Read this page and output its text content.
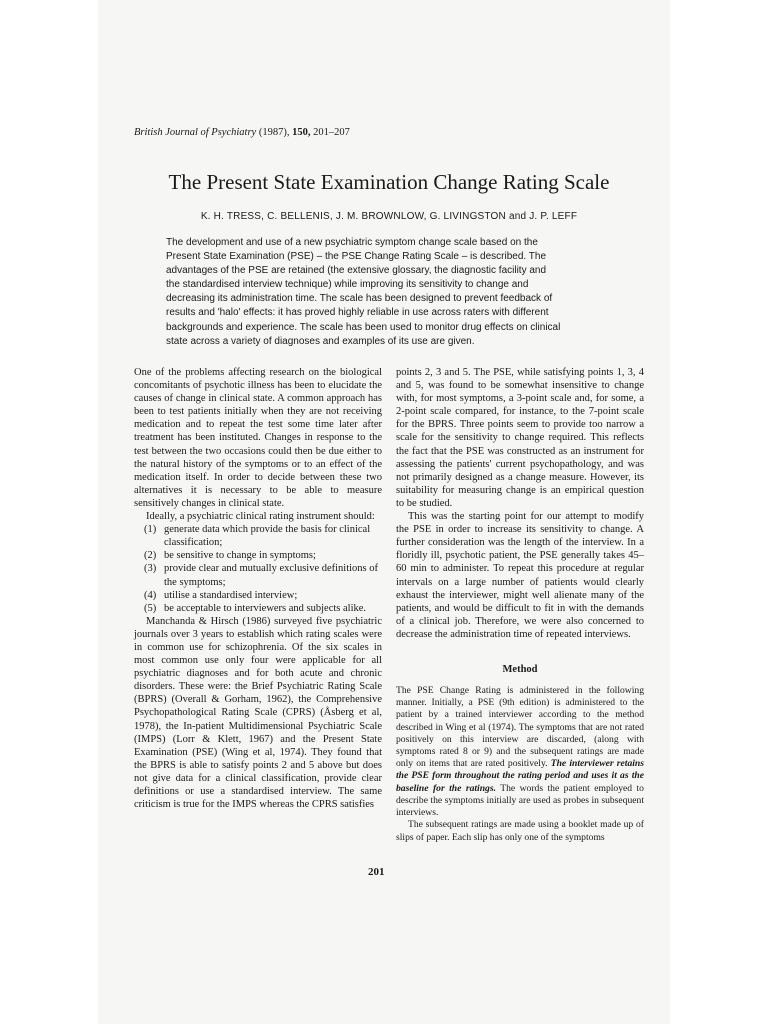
British Journal of Psychiatry (1987), 150, 201–207
The Present State Examination Change Rating Scale
K. H. TRESS, C. BELLENIS, J. M. BROWNLOW, G. LIVINGSTON and J. P. LEFF
The development and use of a new psychiatric symptom change scale based on the
Present State Examination (PSE) – the PSE Change Rating Scale – is described. The
advantages of the PSE are retained (the extensive glossary, the diagnostic facility and
the standardised interview technique) while improving its sensitivity to change and
decreasing its administration time. The scale has been designed to prevent feedback of
results and 'halo' effects: it has proved highly reliable in use across raters with different
backgrounds and experience. The scale has been used to monitor drug effects on clinical
state across a variety of diagnoses and examples of its use are given.

One of the problems affecting research on the biological concomitants of psychotic illness has been to elucidate the causes of change in clinical state. A common approach has been to test patients initially when they are not receiving medication and to repeat the test some time later after treatment has been instituted. Changes in response to the test between the two occasions could then be due either to the natural history of the symptoms or to an effect of the medication itself. In order to decide between these two alternatives it is necessary to be able to measure sensitively changes in clinical state.

Ideally, a psychiatric clinical rating instrument should:

(1) generate data which provide the basis for clinical classification;
(2) be sensitive to change in symptoms;
(3) provide clear and mutually exclusive definitions of the symptoms;
(4) utilise a standardised interview;
(5) be acceptable to interviewers and subjects alike.

Manchanda & Hirsch (1986) surveyed five psychiatric journals over 3 years to establish which rating scales were in common use for schizophrenia. Of the six scales in most common use only four were applicable for all psychiatric diagnoses and for both acute and chronic disorders. These were: the Brief Psychiatric Rating Scale (BPRS) (Overall & Gorham, 1962), the Comprehensive Psychopathological Rating Scale (CPRS) (Åsberg et al, 1978), the In-patient Multidimensional Psychiatric Scale (IMPS) (Lorr & Klett, 1967) and the Present State Examination (PSE) (Wing et al, 1974). They found that the BPRS is able to satisfy points 2 and 5 above but does not give data for a clinical classification, provide clear definitions or use a standardised interview. The same criticism is true for the IMPS whereas the CPRS satisfies

points 2, 3 and 5. The PSE, while satisfying points 1, 3, 4 and 5, was found to be somewhat insensitive to change with, for most symptoms, a 3-point scale and, for some, a 2-point scale compared, for instance, to the 7-point scale for the BPRS. Three points seem to provide too narrow a scale for the sensitivity to change required. This reflects the fact that the PSE was constructed as an instrument for assessing the patients' current psychopathology, and was not primarily designed as a change measure. However, its suitability for measuring change is an empirical question to be studied.

This was the starting point for our attempt to modify the PSE in order to increase its sensitivity to change. A further consideration was the length of the interview. In a floridly ill, psychotic patient, the PSE generally takes 45–60 min to administer. To repeat this procedure at regular intervals on a large number of patients would clearly exhaust the interviewer, might well alienate many of the patients, and would be difficult to fit in with the demands of a clinical job. Therefore, we were also concerned to decrease the administration time of repeated interviews.

Method

The PSE Change Rating is administered in the following manner. Initially, a PSE (9th edition) is administered to the patient by a trained interviewer according to the method described in Wing et al (1974). The symptoms that are not rated positively on this interview are discarded, (along with symptoms rated 8 or 9) and the subsequent ratings are made only on items that are rated positively. The interviewer retains the PSE form throughout the rating period and uses it as the baseline for the ratings. The words the patient employed to describe the symptoms initially are used as probes in subsequent interviews.

The subsequent ratings are made using a booklet made up of slips of paper. Each slip has only one of the symptoms

201
